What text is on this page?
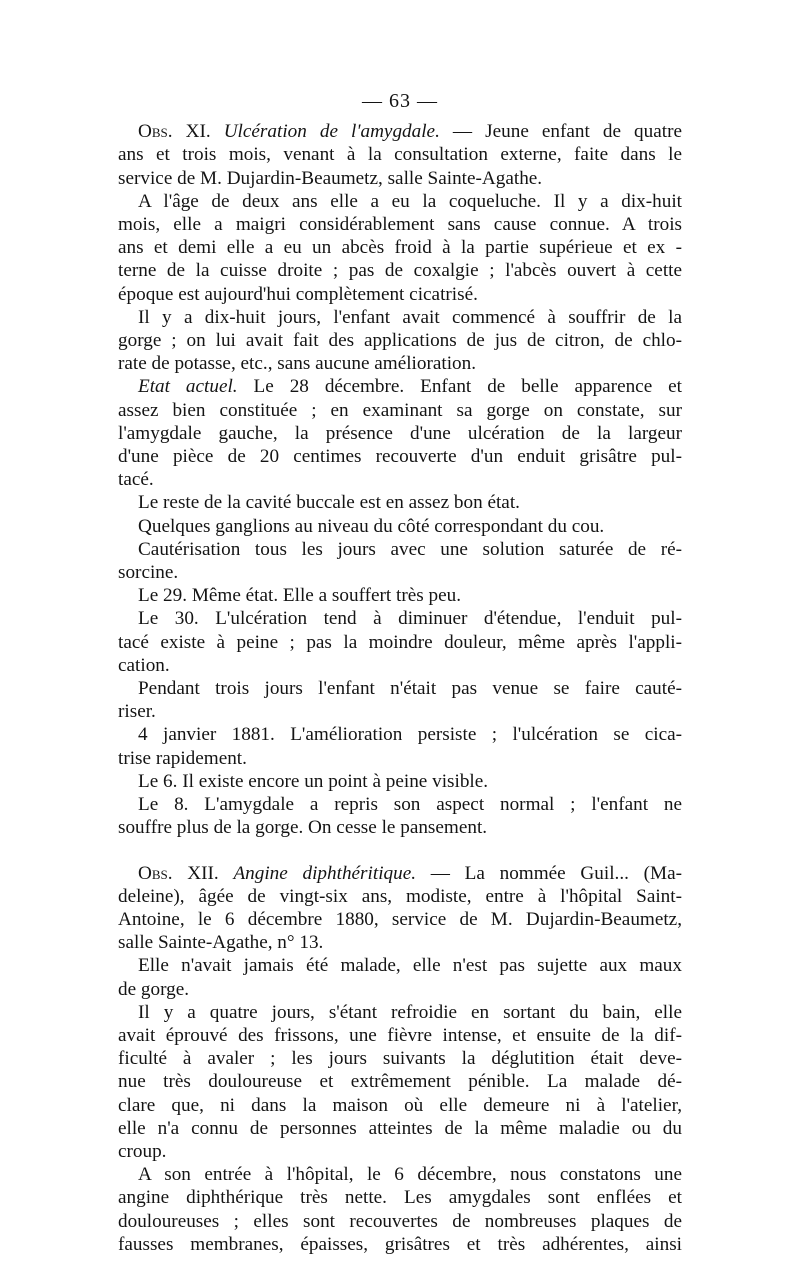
— 63 —
Obs. XI. Ulcération de l'amygdale. — Jeune enfant de quatre
ans et trois mois, venant à la consultation externe, faite dans le
service de M. Dujardin-Beaumetz, salle Sainte-Agathe.
A l'âge de deux ans elle a eu la coqueluche. Il y a dix-huit
mois, elle a maigri considérablement sans cause connue. A trois
ans et demi elle a eu un abcès froid à la partie supérieue et ex -
terne de la cuisse droite ; pas de coxalgie ; l'abcès ouvert à cette
époque est aujourd'hui complètement cicatrisé.
Il y a dix-huit jours, l'enfant avait commencé à souffrir de la
gorge ; on lui avait fait des applications de jus de citron, de chlo-
rate de potasse, etc., sans aucune amélioration.
Etat actuel. Le 28 décembre. Enfant de belle apparence et
assez bien constituée ; en examinant sa gorge on constate, sur
l'amygdale gauche, la présence d'une ulcération de la largeur
d'une pièce de 20 centimes recouverte d'un enduit grisâtre pul-
tacé.
Le reste de la cavité buccale est en assez bon état.
Quelques ganglions au niveau du côté correspondant du cou.
Cautérisation tous les jours avec une solution saturée de ré-
sorcine.
Le 29. Même état. Elle a souffert très peu.
Le 30. L'ulcération tend à diminuer d'étendue, l'enduit pul-
tacé existe à peine ; pas la moindre douleur, même après l'appli-
cation.
Pendant trois jours l'enfant n'était pas venue se faire cauté-
riser.
4 janvier 1881. L'amélioration persiste ; l'ulcération se cica-
trise rapidement.
Le 6. Il existe encore un point à peine visible.
Le 8. L'amygdale a repris son aspect normal ; l'enfant ne
souffre plus de la gorge. On cesse le pansement.
Obs. XII. Angine diphthéritique. — La nommée Guil... (Ma-
deleine), âgée de vingt-six ans, modiste, entre à l'hôpital Saint-
Antoine, le 6 décembre 1880, service de M. Dujardin-Beaumetz,
salle Sainte-Agathe, n° 13.
Elle n'avait jamais été malade, elle n'est pas sujette aux maux
de gorge.
Il y a quatre jours, s'étant refroidie en sortant du bain, elle
avait éprouvé des frissons, une fièvre intense, et ensuite de la dif-
ficulté à avaler ; les jours suivants la déglutition était deve-
nue très douloureuse et extrêmement pénible. La malade dé-
clare que, ni dans la maison où elle demeure ni à l'atelier,
elle n'a connu de personnes atteintes de la même maladie ou du
croup.
A son entrée à l'hôpital, le 6 décembre, nous constatons une
angine diphthérique très nette. Les amygdales sont enflées et
douloureuses ; elles sont recouvertes de nombreuses plaques de
fausses membranes, épaisses, grisâtres et très adhérentes, ainsi
